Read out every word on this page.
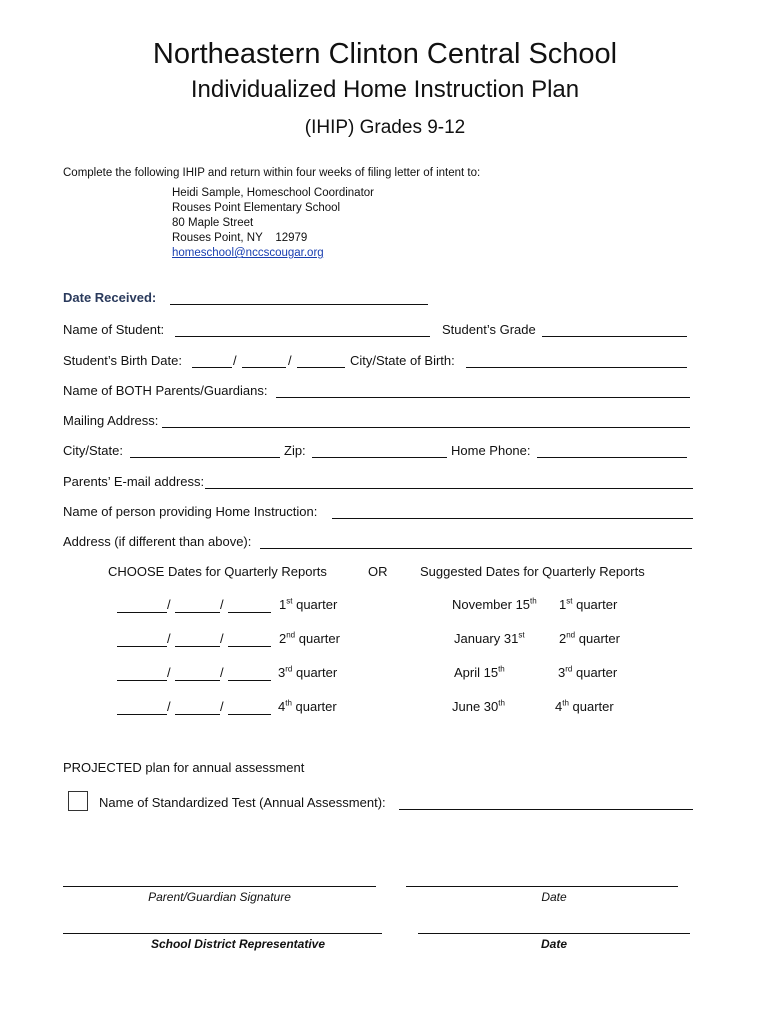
Northeastern Clinton Central School
Individualized Home Instruction Plan
(IHIP) Grades 9-12
Complete the following IHIP and return within four weeks of filing letter of intent to:
Heidi Sample, Homeschool Coordinator
Rouses Point Elementary School
80 Maple Street
Rouses Point, NY    12979
homeschool@nccscougar.org
Date Received:
Name of Student:	Student’s Grade
Student’s Birth Date:	/	/	City/State of Birth:
Name of BOTH Parents/Guardians:
Mailing Address:
City/State:	Zip:	Home Phone:
Parents’ E-mail address:
Name of person providing Home Instruction:
Address (if different than above):
CHOOSE Dates for Quarterly Reports	OR	Suggested Dates for Quarterly Reports
/	/	1st quarter	November 15th 1st quarter
/	/	2nd quarter	January 31st	2nd quarter
/	/	3rd quarter	April 15th	3rd quarter
/	/	4th quarter	June 30th	4th quarter
PROJECTED plan for annual assessment
Name of Standardized Test (Annual Assessment):
Parent/Guardian Signature	Date
School District Representative	Date
